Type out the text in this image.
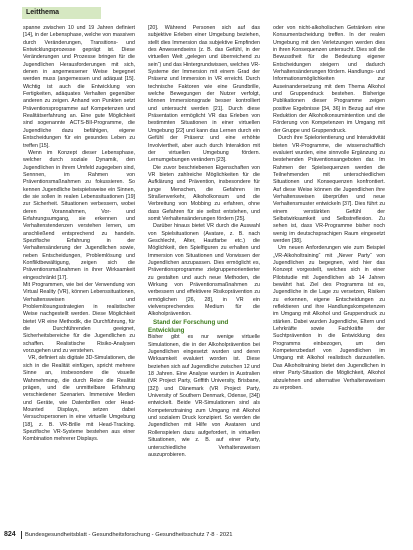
Leitthema

spanne zwischen 10 und 19 Jahren definiert [14], in der Lebensphase, welche von massiven durch Veränderungen, Transitions- und Entwicklungsprozesse geprägt ist. Diese Veränderungen und Prozesse bringen für die Jugendlichen Herausforderungen mit sich, denen in angemessener Weise begegnet werden muss (angemessen und adäquat [15]. Wichtig ist auch die Entwicklung von Fertigkeiten, adäquates Verhalten gegenüber anderen zu zeigen. Anhand von Punkten setzt Präventionsprogramme auf Kompetenzen und Realitätserfahrung an. Eine gute Möglichkeit sind sogenannte ACTS-BII-Programme, die Jugendliche dazu befähigen, eigene Entscheidungen für ein gesundes Leben zu treffen [15].

Wenn im Konzept dieser Lebensphase, welcher durch soziale Dynamik, den Jugendlichen in ihrem Umfeld zugegeben sind, Sennnen, im Rahmen von Präventionsmaßnahmen zu fokussieren. So kennen Jugendliche beispielsweise ein Sinnen, die sie sollen in realen Lebenssituationen [19] zur Sicherheit. Situationen verbessern, wobei deren Vorannahmen, Vor- und Erfahrungsumgang, sie erkennen und Verhaltenstendenzen verstehen lernen, um anschließend entsprechend zu handeln. Spezifische Erfahrung in der Verhaltensänderung der Jugendlichen sowie, neben Entscheidungen, Problemlösung und Konfliktbewältigung, zeigen sich die Präventionsmaßnahmen in ihrer Wirksamkeit eingeschränkt [17].

Mit Programmen, wie bei der Verwendung von Virtual Reality (VR), können Lebenssituationen, Verhaltensweisen und Problemlösungsstrategien in realistischer Weise nachgestellt werden. Diese Möglichkeit bietet VR eine Methodik, die Durchführung, für die Durchführenden geeignet, Sicherheitsbereiche für die Jugendlichen zu schaffen. Realistische Risiko-Analysen vorzugehen und zu verstehen.

VR, definiert als digitale 3D-Simulationen, die sich in die Realität einfügen, spricht mehrere Sinne an, insbesondere die visuelle Wahrnehmung, die durch Reize die Realität prägen, und die unmittelbare Erfahrung verschiedener Szenarien. Immersive Medien und Geräte, wie Datenbrillen oder Head-Mounted Displays, setzen dabei Versuchspersonen in eine virtuelle Umgebung [18], z. B. VR-Brille mit Head-Tracking. Spezifische VR-Systeme bestehen aus einer Kombination mehrerer Displays.

[20]. Während Personen sich auf das subjektive Erleben einer Umgebung beziehen, stellt dies Immersion das subjektive Empfinden des Anwesendseins (z. B. das Gefühl, in der virtuellen Welt „gelegen und überreichend zu sein“) und das Hintergrundwissen, welches VR-Systeme der Immersion mit einem Grad der Präsenz und Immersion in VR erreicht. Durch technische Faktoren wie eine Grundbrille, welche Bewegungen der Nutzer verfolgt, können Immersionsgrade besser kontrolliert und untersucht werden [21]. Durch diese Präsentation ermöglicht VR das Erleben von bestimmten Situationen in einer virtuellen Umgebung [22] und kann das Lernen durch ein Gefühl der Präsenz und eine erhöhte Involviertheit, aber auch durch Interaktion mit der virtuellen Umgebung fördern. Lernumgebungen verändern [23].

Die zuvor beschriebenen Eigenschaften von VR bieten zahlreiche Möglichkeiten für die Aufklärung und Prävention, insbesondere für junge Menschen, die Gefahren im Straßenverkehr, Alkoholkonsum und die Verbreitung von Mobbing zu erfahren, ohne dass Gefahren für sie selbst entstehen, und somit Verhaltensänderungen fördern [25].

Darüber hinaus bietet VR durch die Auswahl von Spielsituationen (Avatare, z. B. nach Geschlecht, Alter, Hautfarbe etc.) die Möglichkeit, den Spielfiguren zu erhalten und Immersion von Situationen und Vorwissen der Jugendlichen anzupassen. Dies ermöglicht es, Präventionsprogramme zielgruppenorientierter zu gestalten und auch neue Methoden, die Wirkung von Präventionsmaßnahmen zu verbessern und effektivere Risikoprävention zu ermöglichen [26, 28], in VR ein vielversprechendes Medium für die Alkoholprävention.

Stand der Forschung und Entwicklung

Bisher gibt es nur wenige virtuelle Simulationen, die in der Alkoholprävention bei Jugendlichen eingesetzt wurden und deren Wirksamkeit evaluiert worden ist. Diese beziehen sich auf Jugendliche zwischen 12 und 18 Jahren. Eine Analyse wurden in Australien (VR Project Party, Griffith University, Brisbane, [32]) und Dänemark (VR Project Party, University of Southern Denmark, Odense, [34]) entwickelt. Beide VR-Simulationen sind als Kompetenztraining zum Umgang mit Alkohol und sozialem Druck konzipiert. So werden die Jugendlichen mit Hilfe von Avataren und Rollenspielen dazu aufgefordert, in virtuellen Situationen, wie z. B. auf einer Party, unterschiedliche Verhaltensweisen auszuprobieren.

oder von nicht-alkoholischen Getränken eine Konsumentscheidung treffen. In der realen Umgebung mit den Verletzungen werden dies in ihren Konsequenzen untersucht. Dies soll die Bewusstheit für die Bedeutung eigener Entscheidungen steigern und dadurch Verhaltensänderungen fördern. Handlungs- und Informationsmöglichkeiten zur Auseinandersetzung mit dem Thema Alkohol und Gruppendruck bestehen. Bisherige Publikationen dieser Programme zeigen positive Ergebnisse [34, 36] in Bezug auf eine Reduktion der Alkoholkonsumintention und die Förderung von Kompetenzen im Umgang mit der Gruppe und Gruppendruck.

Durch ihre Spielorientierung und Interaktivität bieten VR-Programme, die wissenschaftlich evaluiert wurden, eine sinnvolle Ergänzung zu bestehenden Präventionsangeboten dar. Im Rahmen der Spielsequenzen werden die Teilnehmenden mit unterschiedlichen Situationen und Konsequenzen konfrontiert. Auf diese Weise können die Jugendlichen ihre Verhaltensweisen überprüfen und neue Verhaltensmuster entwickeln [37]. Dies führt zu einem verstärkten Gefühl der Selbstwirksamkeit und Selbstreflexion. Zu sehen ist, dass VR-Programme bisher noch wenig im deutschsprachigen Raum eingesetzt werden [38].

Um neuen Anforderungen wie zum Beispiel „VR-Alkoholtraining“ mit „Never Party“ von Jugendlichen zu begegnen, wird hier das Konzept vorgestellt, welches sich in einer Pilotstudie mit Jugendlichen ab 14 Jahren bewährt hat. Ziel des Programms ist es, Jugendliche in die Lage zu versetzen, Risiken zu erkennen, eigene Entscheidungen zu reflektieren und ihre Handlungskompetenzen im Umgang mit Alkohol und Gruppendruck zu stärken. Dabei wurden Jugendliche, Eltern und Lehrkräfte sowie Fachkräfte der Suchtprävention in die Entwicklung des Programms einbezogen, um den Kompetenzbedarf von Jugendlichen im Umgang mit Alkohol realistisch darzustellen. Das Alkoholtraining bietet den Jugendlichen in einer Party-Situation die Möglichkeit, Alkohol abzulehnen und alternative Verhaltensweisen zu erproben.

824 Bundesgesundheitsblatt - Gesundheitsforschung - Gesundheitsschutz 7·8 · 2021
